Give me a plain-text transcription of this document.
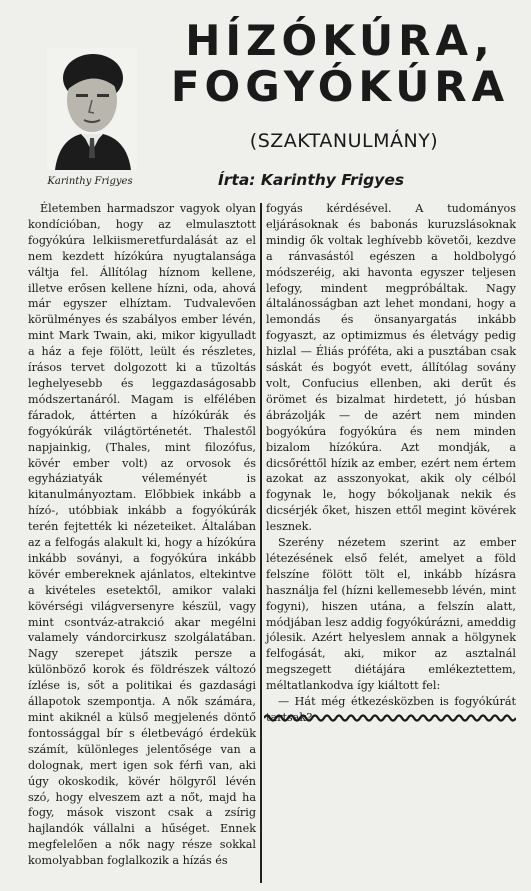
Karinthy Frigyes
HÍZÓKÚRA,
FOGYÓKÚRA
(SZAKTANULMÁNY)
Írta: Karinthy Frigyes

Életemben harmadszor vagyok olyan kondícióban, hogy az elmulasztott fogyókúra lelkiismeretfurdalását az el nem kezdett hízókúra nyugtalansága váltja fel. Állítólag híznom kellene, illetve erősen kellene hízni, oda, ahová már egyszer elhíztam. Tudvalevően körülményes és szabályos ember lévén, mint Mark Twain, aki, mikor kigyulladt a ház a feje fölött, leült és részletes, írásos tervet dolgozott ki a tűzoltás leghelyesebb és leggazdaságosabb módszertanáról. Magam is elfélében fáradok, áttérten a hízókúrák és fogyókúrák világtörténetét. Thalestől napjainkig, (Thales, mint filozófus, kövér ember volt) az orvosok és egyháziatyák véleményét is kitanulmányoztam. Előbbiek inkább a hízó-, utóbbiak inkább a fogyókúrák terén fejtették ki nézeteiket. Általában az a felfogás alakult ki, hogy a hízókúra inkább soványi, a fogyókúra inkább kövér embereknek ajánlatos, eltekintve a kivételes esetektől, amikor valaki kövérségi világversenyre készül, vagy mint csontváz-atrakció akar megélni valamely vándorcirkusz szolgálatában. Nagy szerepet játszik persze a különböző korok és földrészek változó ízlése is, sőt a politikai és gazdasági állapotok szempontja. A nők számára, mint akiknél a külső megjelenés döntő fontossággal bír s életbevágó érdekük számít, különleges jelentősége van a dolognak, mert igen sok férfi van, aki úgy okoskodik, kövér hölgyről lévén szó, hogy elveszem azt a nőt, majd ha fogy, mások viszont csak a zsírig hajlandók vállalni a hűséget. Ennek megfelelően a nők nagy része sokkal komolyabban foglalkozik a hízás és

fogyás kérdésével. A tudományos eljárásoknak és babonás kuruzslásoknak mindig ők voltak leghívebb követői, kezdve a ránvasástól egészen a holdbolygó módszeréig, aki havonta egyszer teljesen lefogy, mindent megpróbáltak. Nagy általánosságban azt lehet mondani, hogy a lemondás és önsanyargatás inkább fogyaszt, az optimizmus és életvágy pedig hizlal — Éliás próféta, aki a pusztában csak sáskát és bogyót evett, állítólag sovány volt, Confucius ellenben, aki derűt és örömet és bizalmat hirdetett, jó húsban ábrázolják — de azért nem minden bogyókúra fogyókúra és nem minden bizalom hízókúra. Azt mondják, a dicsőréttől hízik az ember, ezért nem értem azokat az asszonyokat, akik oly célból fogynak le, hogy bókoljanak nekik és dicsérjék őket, hiszen ettől megint kövérek lesznek.

Szerény nézetem szerint az ember létezésének első felét, amelyet a föld felszíne fölött tölt el, inkább hízásra használja fel (hízni kellemesebb lévén, mint fogyni), hiszen utána, a felszín alatt, módjában lesz addig fogyókúrázni, ameddig jólesik. Azért helyeslem annak a hölgynek felfogását, aki, mikor az asztalnál megszegett diétájára emlékeztettem, méltatlankodva így kiáltott fel:

— Hát még étkezésközben is fogyókúrát tartsak?
